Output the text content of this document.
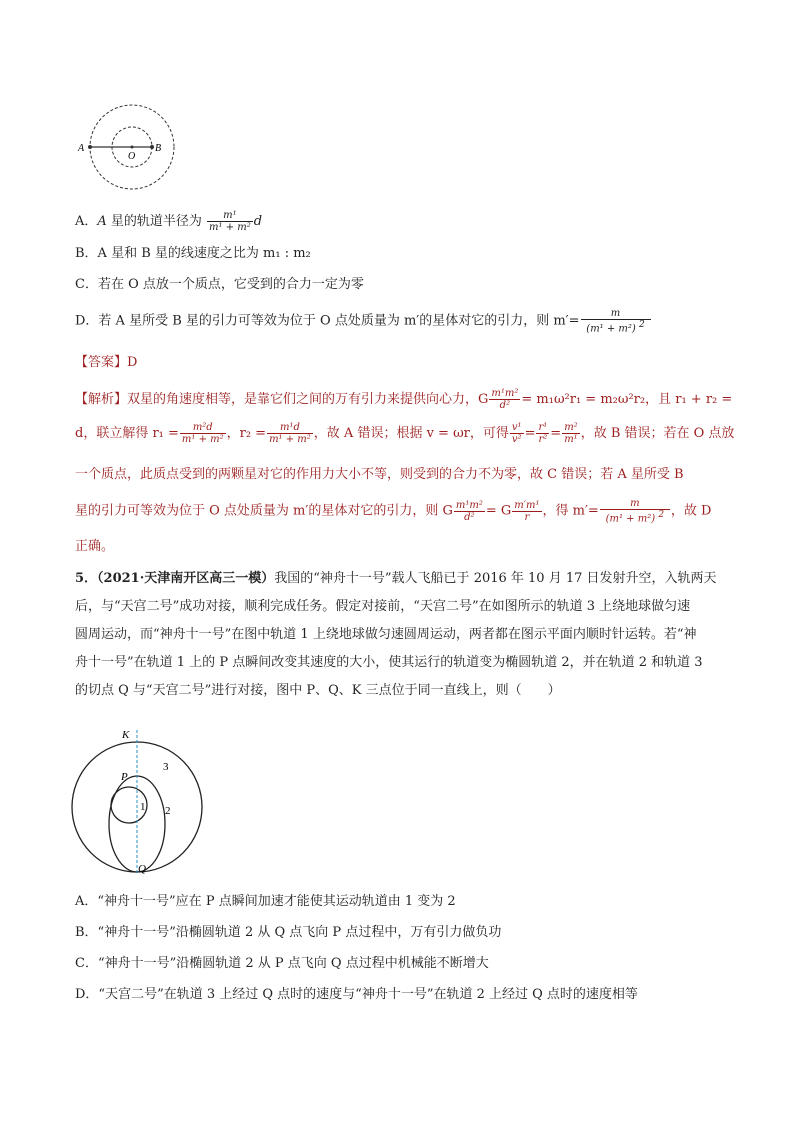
A
O
B
A．A 星的轨道半径为 $\frac{\text{m¹}}{\text{m¹ + m²}}$ d
B．A 星和 B 星的线速度之比为 m₁ : m₂
C．若在 O 点放一个质点，它受到的合力一定为零
D．若 A 星所受 B 星的引力可等效为位于 O 点处质量为 m′的星体对它的引力，则 $m'= \frac{m}{(m^1 + m^2) ^2}$
【答案】D
【解析】双星的角速度相等，是靠它们之间的万有引力来提供向心力，G $\frac{\text{m¹m²}}{\text{d²}} = m_1\omega^2r_1 = m_2\omega^2r_2$，且 r₁ + r₂ =
d，联立解得 $r_1 = \frac{\text{m²d}}{\text{m¹ + m²}}$ ，$r_2 = \frac{\text{m¹d}}{\text{m¹ + m²}}$ ，故 A 错误；根据 v = ωr，可得 $\frac{\text{v¹}}{\text{v²}} = \frac{\text{r¹}}{\text{r²}} = \frac{\text{m²}}{\text{m¹}}$ ，故 B 错误；若在 O 点放
一个质点，此质点受到的两颗星对它的作用力大小不等，则受到的合力不为零，故 C 错误；若 A 星所受 B
星的引力可等效为位于 O 点处质量为 m′的星体对它的引力，则 G $\frac{\text{m¹m²}}{\text{d²}} = G \frac{\text{m′m¹}}{r}$ ，得 $m'= \frac{m}{(m^1 + m^2) ^2}$ ，故 D
正确。
5．（2021·天津南开区高三一模）我国的“神舟十一号”载人飞船已于 2016 年 10 月 17 日发射升空，入轨两天
后，与“天宫二号”成功对接，顺利完成任务。假定对接前，“天宫二号”在如图所示的轨道 3 上绕地球做匀速
圆周运动，而“神舟十一号”在图中轨道 1 上绕地球做匀速圆周运动，两者都在图示平面内顺时针运转。若“神
舟十一号”在轨道 1 上的 P 点瞬间改变其速度的大小，使其运行的轨道变为椭圆轨道 2，并在轨道 2 和轨道 3
的切点 Q 与“天宫二号”进行对接，图中 P、Q、K 三点位于同一直线上，则（　　）
K
P
Q
1 2
3
A．“神舟十一号”应在 P 点瞬间加速才能使其运动轨道由 1 变为 2
B．“神舟十一号”沿椭圆轨道 2 从 Q 点飞向 P 点过程中，万有引力做负功
C．“神舟十一号”沿椭圆轨道 2 从 P 点飞向 Q 点过程中机械能不断增大
D．“天宫二号”在轨道 3 上经过 Q 点时的速度与“神舟十一号”在轨道 2 上经过 Q 点时的速度相等
